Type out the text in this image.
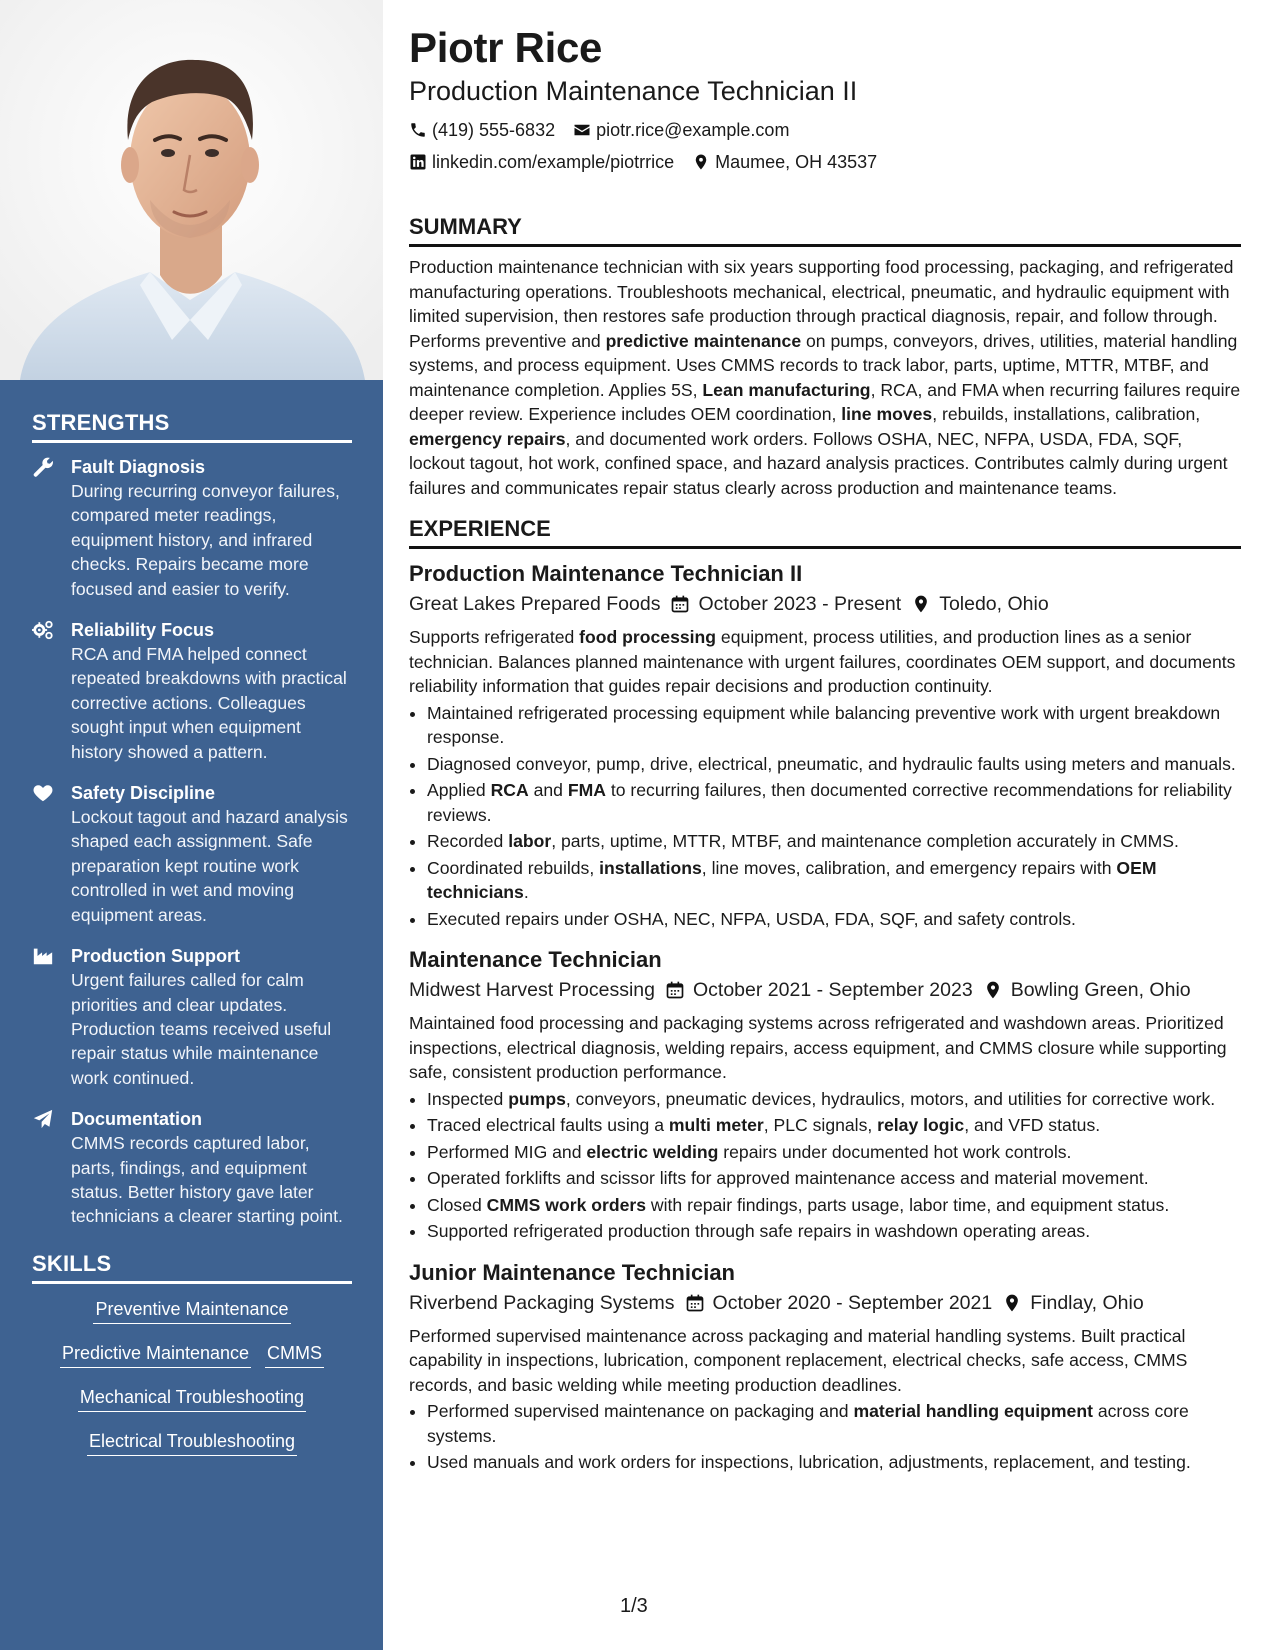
STRENGTHS
Fault Diagnosis
During recurring conveyor failures, compared meter readings, equipment history, and infrared checks. Repairs became more focused and easier to verify.
Reliability Focus
RCA and FMA helped connect repeated breakdowns with practical corrective actions. Colleagues sought input when equipment history showed a pattern.
Safety Discipline
Lockout tagout and hazard analysis shaped each assignment. Safe preparation kept routine work controlled in wet and moving equipment areas.
Production Support
Urgent failures called for calm priorities and clear updates. Production teams received useful repair status while maintenance work continued.
Documentation
CMMS records captured labor, parts, findings, and equipment status. Better history gave later technicians a clearer starting point.
SKILLS
Preventive Maintenance
Predictive Maintenance CMMS
Mechanical Troubleshooting
Electrical Troubleshooting
Piotr Rice
Production Maintenance Technician II
(419) 555-6832 piotr.rice@example.com
linkedin.com/example/piotrrice Maumee, OH 43537
SUMMARY

Production maintenance technician with six years supporting food processing, packaging, and refrigerated manufacturing operations. Troubleshoots mechanical, electrical, pneumatic, and hydraulic equipment with limited supervision, then restores safe production through practical diagnosis, repair, and follow through. Performs preventive and predictive maintenance on pumps, conveyors, drives, utilities, material handling systems, and process equipment. Uses CMMS records to track labor, parts, uptime, MTTR, MTBF, and maintenance completion. Applies 5S, Lean manufacturing, RCA, and FMA when recurring failures require deeper review. Experience includes OEM coordination, line moves, rebuilds, installations, calibration, emergency repairs, and documented work orders. Follows OSHA, NEC, NFPA, USDA, FDA, SQF, lockout tagout, hot work, confined space, and hazard analysis practices. Contributes calmly during urgent failures and communicates repair status clearly across production and maintenance teams.

EXPERIENCE
Production Maintenance Technician II
Great Lakes Prepared Foods October 2023 - Present Toledo, Ohio

Supports refrigerated food processing equipment, process utilities, and production lines as a senior technician. Balances planned maintenance with urgent failures, coordinates OEM support, and documents reliability information that guides repair decisions and production continuity.

• Maintained refrigerated processing equipment while balancing preventive work with urgent breakdown response.
• Diagnosed conveyor, pump, drive, electrical, pneumatic, and hydraulic faults using meters and manuals.
• Applied RCA and FMA to recurring failures, then documented corrective recommendations for reliability reviews.
• Recorded labor, parts, uptime, MTTR, MTBF, and maintenance completion accurately in CMMS.
• Coordinated rebuilds, installations, line moves, calibration, and emergency repairs with OEM technicians.
• Executed repairs under OSHA, NEC, NFPA, USDA, FDA, SQF, and safety controls.
Maintenance Technician
Midwest Harvest Processing October 2021 - September 2023 Bowling Green, Ohio

Maintained food processing and packaging systems across refrigerated and washdown areas. Prioritized inspections, electrical diagnosis, welding repairs, access equipment, and CMMS closure while supporting safe, consistent production performance.

• Inspected pumps, conveyors, pneumatic devices, hydraulics, motors, and utilities for corrective work.
• Traced electrical faults using a multi meter, PLC signals, relay logic, and VFD status.
• Performed MIG and electric welding repairs under documented hot work controls.
• Operated forklifts and scissor lifts for approved maintenance access and material movement.
• Closed CMMS work orders with repair findings, parts usage, labor time, and equipment status.
• Supported refrigerated production through safe repairs in washdown operating areas.
Junior Maintenance Technician
Riverbend Packaging Systems October 2020 - September 2021 Findlay, Ohio

Performed supervised maintenance across packaging and material handling systems. Built practical capability in inspections, lubrication, component replacement, electrical checks, safe access, CMMS records, and basic welding while meeting production deadlines.

• Performed supervised maintenance on packaging and material handling equipment across core systems.
• Used manuals and work orders for inspections, lubrication, adjustments, replacement, and testing.
1/3
